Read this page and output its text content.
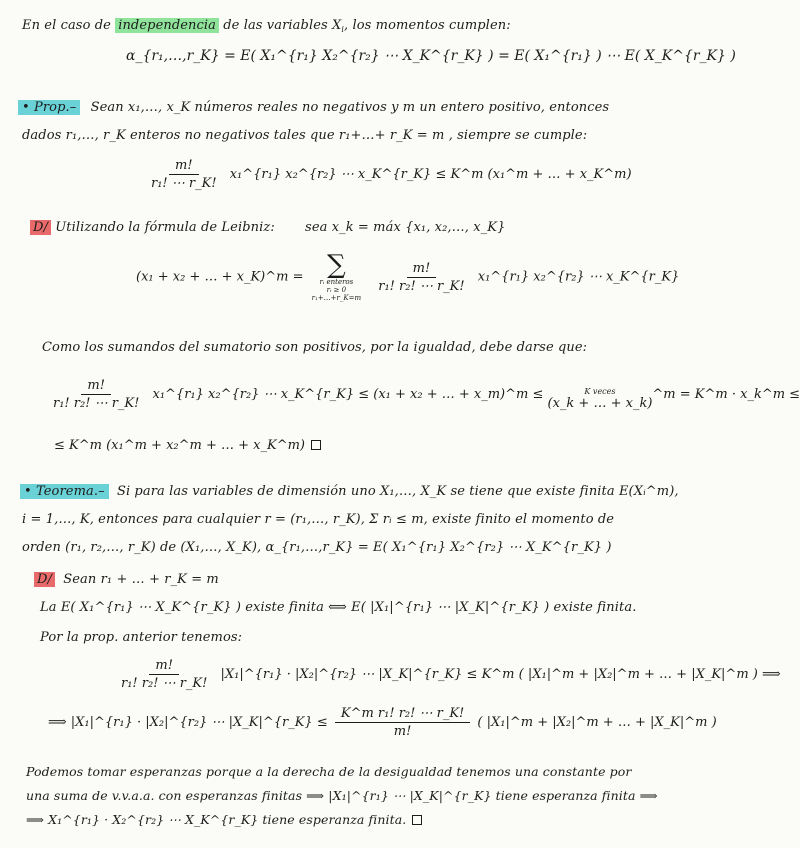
En el caso de independencia de las variables $X_i$, los momentos cumplen:
α_{r₁,…,r_K} = E( X₁^{r₁} X₂^{r₂} ⋯ X_K^{r_K} ) = E( X₁^{r₁} ) ⋯ E( X_K^{r_K} )
• Prop.– Sean x₁,…, x_K números reales no negativos y m un entero positivo, entonces
dados r₁,…, r_K enteros no negativos tales que r₁+…+ r_K = m , siempre se cumple:
$\frac{m!}{\text{r₁! ⋯ r\_K!}}$ x₁^{r₁} x₂^{r₂} ⋯ x_K^{r_K} ≤ K^m (x₁^m + … + x_K^m)
D/ Utilizando la fórmula de Leibniz: sea x_k = máx {x₁, x₂,…, x_K}
(x₁ + x₂ + … + x_K)^m = ∑
rᵢ enteros
rᵢ ≥ 0
r₁+…+r_K=m

$\frac{m!}{\text{r₁! r₂! ⋯ r\_K!}}$ x₁^{r₁} x₂^{r₂} ⋯ x_K^{r_K}
Como los sumandos del sumatorio son positivos, por la igualdad, debe darse que:
$\frac{m!}{\text{r₁! r₂! ⋯ r\_K!}}$ x₁^{r₁} x₂^{r₂} ⋯ x_K^{r_K} ≤ (x₁ + x₂ + … + x_m)^m ≤	K veces
(x_k + … + x_k)
^m = K^m · x_k^m ≤
≤ K^m (x₁^m + x₂^m + … + x_K^m)
• Teorema.– Si para las variables de dimensión uno X₁,…, X_K se tiene que existe finita E(Xᵢ^m),
i = 1,…, K, entonces para cualquier r = (r₁,…, r_K), Σ rᵢ ≤ m, existe finito el momento de
orden (r₁, r₂,…, r_K) de (X₁,…, X_K), α_{r₁,…,r_K} = E( X₁^{r₁} X₂^{r₂} ⋯ X_K^{r_K} )
D/ Sean r₁ + … + r_K = m
La E( X₁^{r₁} ⋯ X_K^{r_K} ) existe finita ⟺ E( |X₁|^{r₁} ⋯ |X_K|^{r_K} ) existe finita.
Por la prop. anterior tenemos:
$\frac{m!}{\text{r₁! r₂! ⋯ r\_K!}}$ |X₁|^{r₁} · |X₂|^{r₂} ⋯ |X_K|^{r_K} ≤ K^m ( |X₁|^m + |X₂|^m + … + |X_K|^m ) ⟹
⟹ |X₁|^{r₁} · |X₂|^{r₂} ⋯ |X_K|^{r_K} ≤ $\frac{\text{K\textasciicircum{}m r₁! r₂! ⋯ r\_K!}}{m!}$ ( |X₁|^m + |X₂|^m + … + |X_K|^m )
Podemos tomar esperanzas porque a la derecha de la desigualdad tenemos una constante por
una suma de v.v.a.a. con esperanzas finitas ⟹ |X₁|^{r₁} ⋯ |X_K|^{r_K} tiene esperanza finita ⟹
⟹ X₁^{r₁} · X₂^{r₂} ⋯ X_K^{r_K} tiene esperanza finita.
